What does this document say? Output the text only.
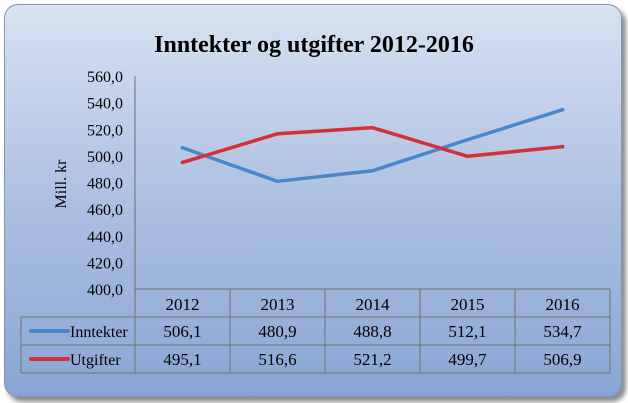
Inntekter og utgifter 2012-2016
400,0
420,0
440,0
460,0
480,0
500,0
520,0
540,0
560,0
2012	2013	2014	2015	2016
Inntekter 506,1	480,9	488,8	512,1	534,7
Utgifter	495,1	516,6	521,2	499,7	506,9
Mill. kr
